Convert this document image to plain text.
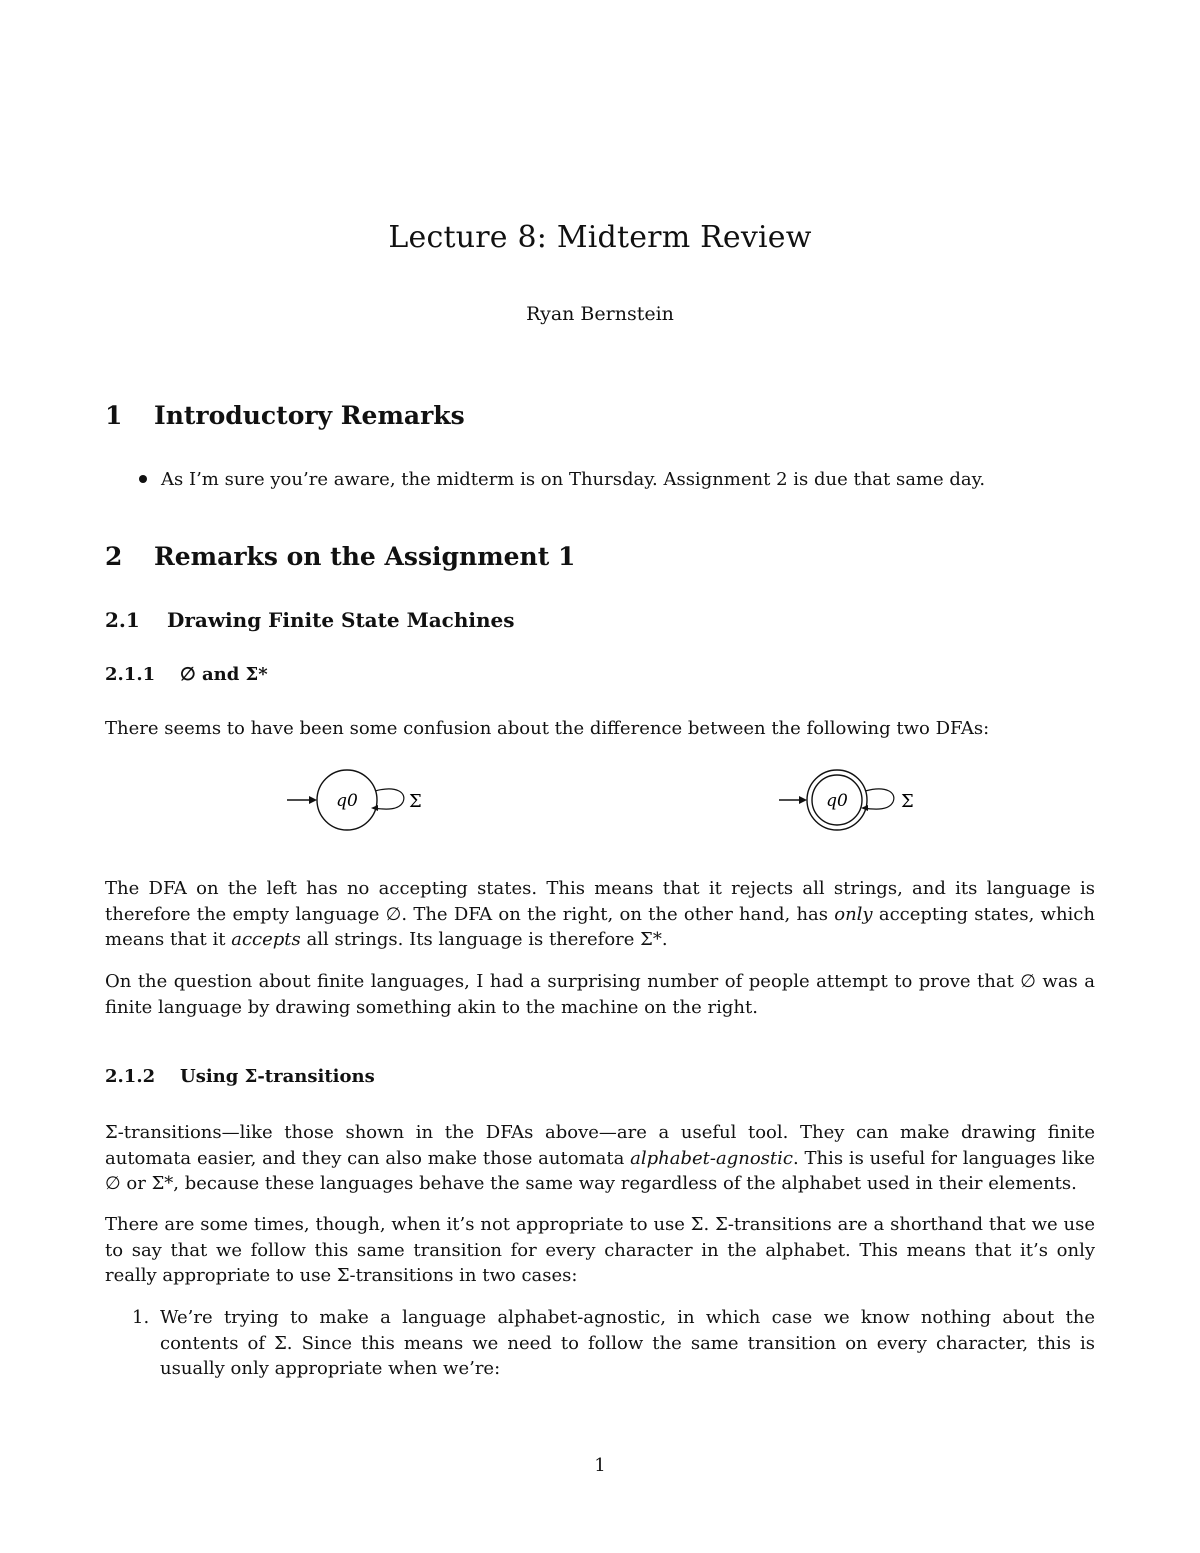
Lecture 8: Midterm Review
Ryan Bernstein
1 Introductory Remarks
As I’m sure you’re aware, the midterm is on Thursday. Assignment 2 is due that same day.
2 Remarks on the Assignment 1
2.1 Drawing Finite State Machines
2.1.1 ∅ and Σ*

There seems to have been some confusion about the difference between the following two DFAs:

q0	Σ	q0	Σ

The DFA on the left has no accepting states. This means that it rejects all strings, and its language is therefore the empty language ∅. The DFA on the right, on the other hand, has only accepting states, which means that it accepts all strings. Its language is therefore Σ*.

On the question about finite languages, I had a surprising number of people attempt to prove that ∅ was a finite language by drawing something akin to the machine on the right.

2.1.2 Using Σ-transitions

Σ-transitions—like those shown in the DFAs above—are a useful tool. They can make drawing finite automata easier, and they can also make those automata alphabet-agnostic. This is useful for languages like ∅ or Σ*, because these languages behave the same way regardless of the alphabet used in their elements.

There are some times, though, when it’s not appropriate to use Σ. Σ-transitions are a shorthand that we use to say that we follow this same transition for every character in the alphabet. This means that it’s only really appropriate to use Σ-transitions in two cases:

1. We’re trying to make a language alphabet-agnostic, in which case we know nothing about the contents of Σ. Since this means we need to follow the same transition on every character, this is usually only appropriate when we’re:
1
